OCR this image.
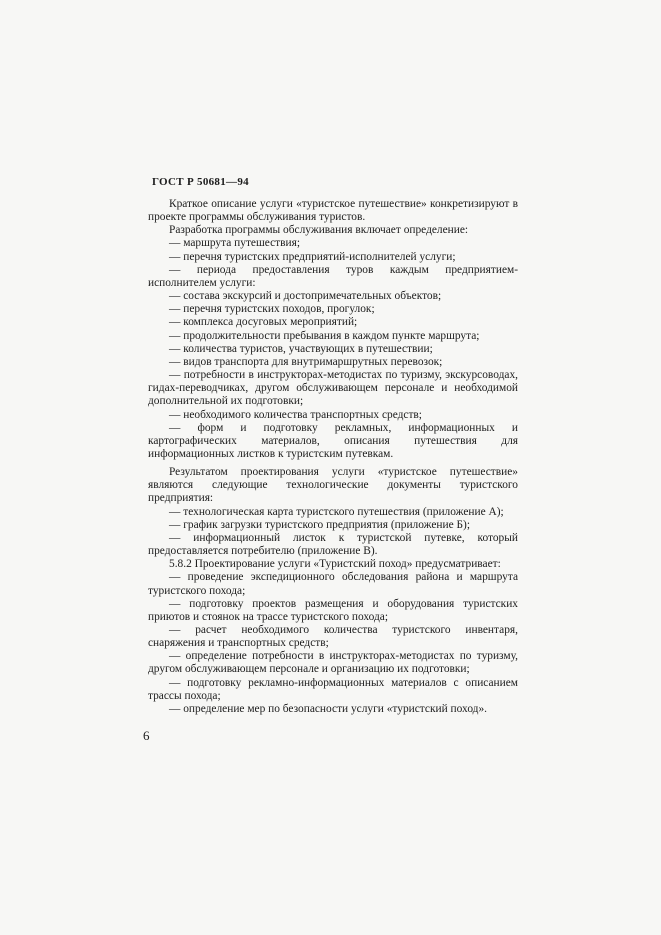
ГОСТ Р 50681—94

Краткое описание услуги «туристское путешествие» конкретизируют в проекте программы обслуживания туристов.

Разработка программы обслуживания включает определение:

— маршрута путешествия;

— перечня туристских предприятий-исполнителей услуги;

— периода предоставления туров каждым предприятием-исполнителем услуги:

— состава экскурсий и достопримечательных объектов;

— перечня туристских походов, прогулок;

— комплекса досуговых мероприятий;

— продолжительности пребывания в каждом пункте маршрута;

— количества туристов, участвующих в путешествии;

— видов транспорта для внутримаршрутных перевозок;

— потребности в инструкторах-методистах по туризму, экскурсоводах, гидах-переводчиках, другом обслуживающем персонале и необходимой дополнительной их подготовки;

— необходимого количества транспортных средств;

— форм и подготовку рекламных, информационных и картографических материалов, описания путешествия для информационных листков к туристским путевкам.

Результатом проектирования услуги «туристское путешествие» являются следующие технологические документы туристского предприятия:

— технологическая карта туристского путешествия (приложение А);

— график загрузки туристского предприятия (приложение Б);

— информационный листок к туристской путевке, который предоставляется потребителю (приложение В).

5.8.2 Проектирование услуги «Туристский поход» предусматривает:

— проведение экспедиционного обследования района и маршрута туристского похода;

— подготовку проектов размещения и оборудования туристских приютов и стоянок на трассе туристского похода;

— расчет необходимого количества туристского инвентаря, снаряжения и транспортных средств;

— определение потребности в инструкторах-методистах по туризму, другом обслуживающем персонале и организацию их подготовки;

— подготовку рекламно-информационных материалов с описанием трассы похода;

— определение мер по безопасности услуги «туристский поход».

6
